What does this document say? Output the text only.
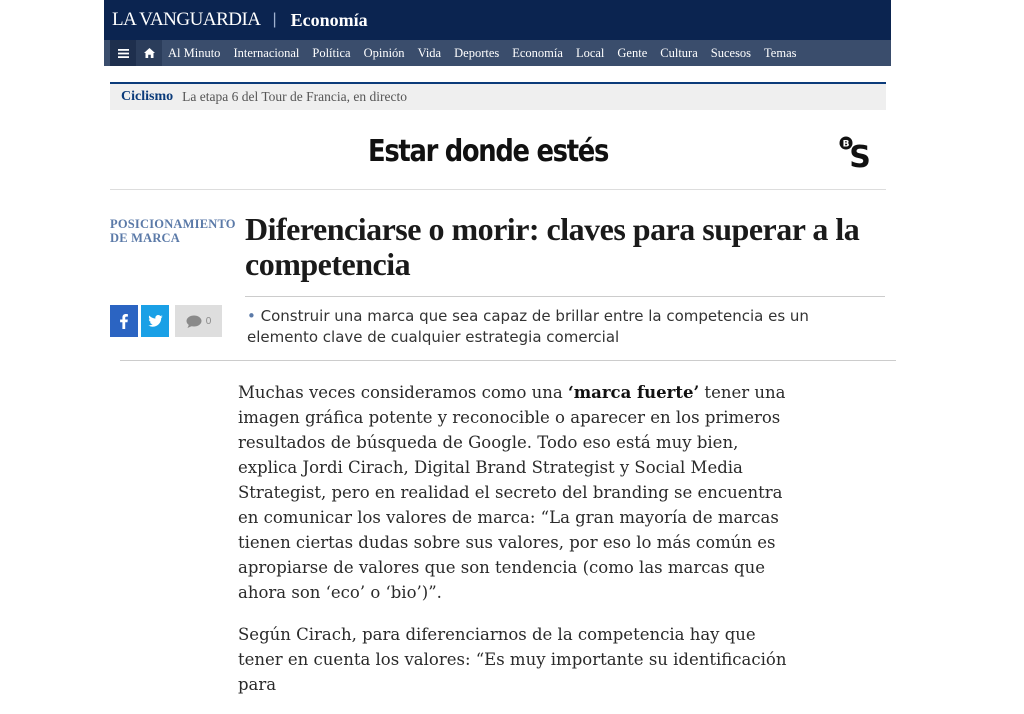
LA VANGUARDIA | Economía
Al Minuto Internacional Política Opinión Vida Deportes Economía Local Gente Cultura Sucesos Temas
Ciclismo La etapa 6 del Tour de Francia, en directo
Estar donde estés	B S
POSICIONAMIENTO DE MARCA	Diferenciarse o morir: claves para superar a la competencia
0 • Construir una marca que sea capaz de brillar entre la competencia es un elemento clave de cualquier estrategia comercial

Muchas veces consideramos como una ‘marca fuerte’ tener una imagen gráfica potente y reconocible o aparecer en los primeros resultados de búsqueda de Google. Todo eso está muy bien, explica Jordi Cirach, Digital Brand Strategist y Social Media Strategist, pero en realidad el secreto del branding se encuentra en comunicar los valores de marca: “La gran mayoría de marcas tienen ciertas dudas sobre sus valores, por eso lo más común es apropiarse de valores que son tendencia (como las marcas que ahora son ‘eco’ o ‘bio’)”.

Según Cirach, para diferenciarnos de la competencia hay que tener en cuenta los valores: “Es muy importante su identificación para
